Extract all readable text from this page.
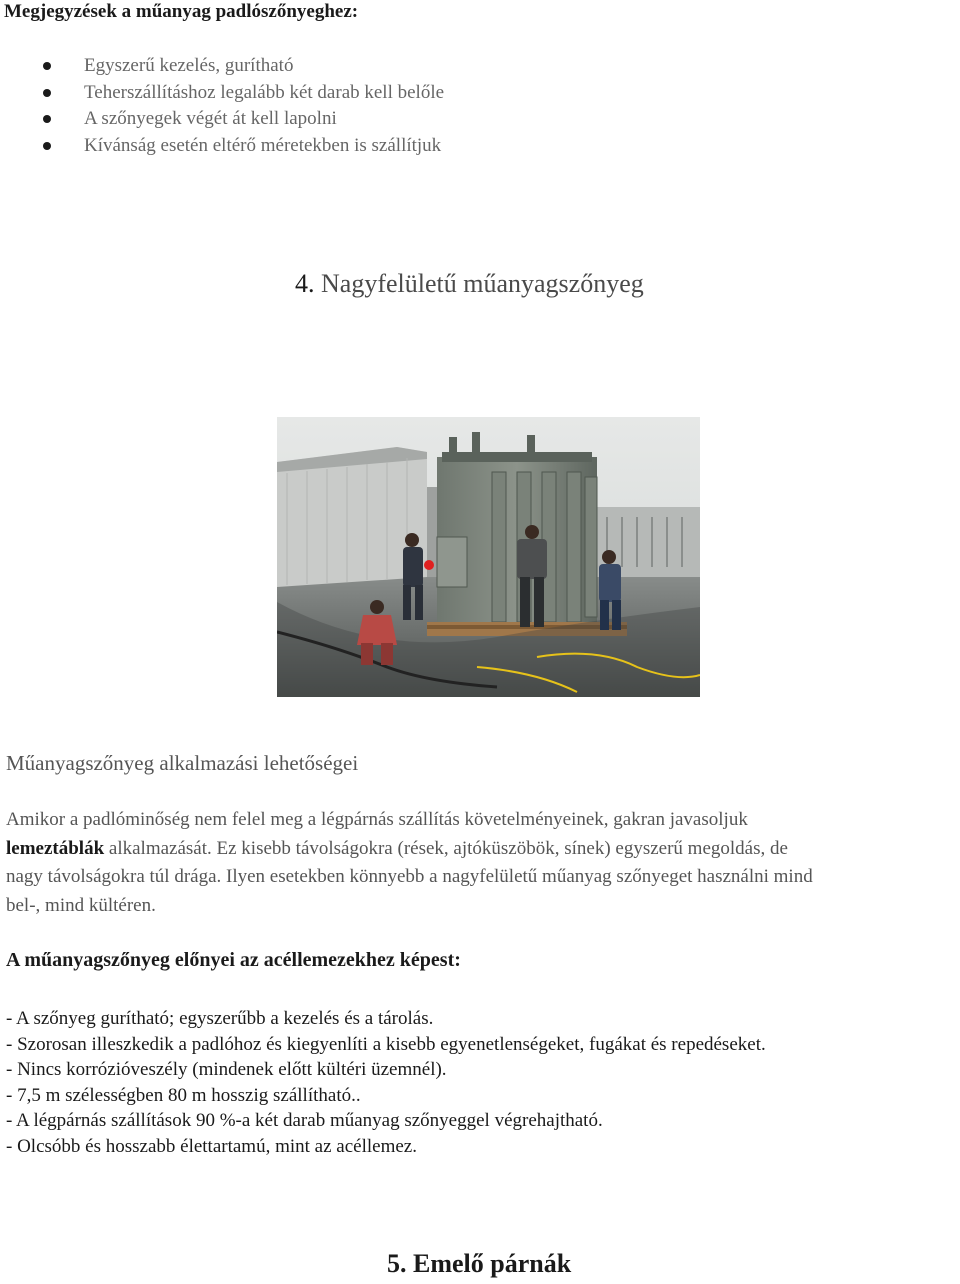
Megjegyzések a műanyag padlószőnyeghez:
Egyszerű kezelés, gurítható
Teherszállításhoz legalább két darab kell belőle
A szőnyegek végét át kell lapolni
Kívánság esetén eltérő méretekben is szállítjuk
4. Nagyfelületű műanyagszőnyeg
Műanyagszőnyeg alkalmazási lehetőségei
Amikor a padlóminőség nem felel meg a légpárnás szállítás követelményeinek, gakran javasoljuk
lemeztáblák alkalmazását. Ez kisebb távolságokra (rések, ajtóküszöbök, sínek) egyszerű megoldás, de
nagy távolságokra túl drága. Ilyen esetekben könnyebb a nagyfelületű műanyag szőnyeget használni mind
bel-, mind kültéren.
A műanyagszőnyeg előnyei az acéllemezekhez képest:
- A szőnyeg gurítható; egyszerűbb a kezelés és a tárolás.
- Szorosan illeszkedik a padlóhoz és kiegyenlíti a kisebb egyenetlenségeket, fugákat és repedéseket.
- Nincs korrózióveszély (mindenek előtt kültéri üzemnél).
- 7,5 m szélességben 80 m hosszig szállítható..
- A légpárnás szállítások 90 %-a két darab műanyag szőnyeggel végrehajtható.
- Olcsóbb és hosszabb élettartamú, mint az acéllemez.
5. Emelő párnák
